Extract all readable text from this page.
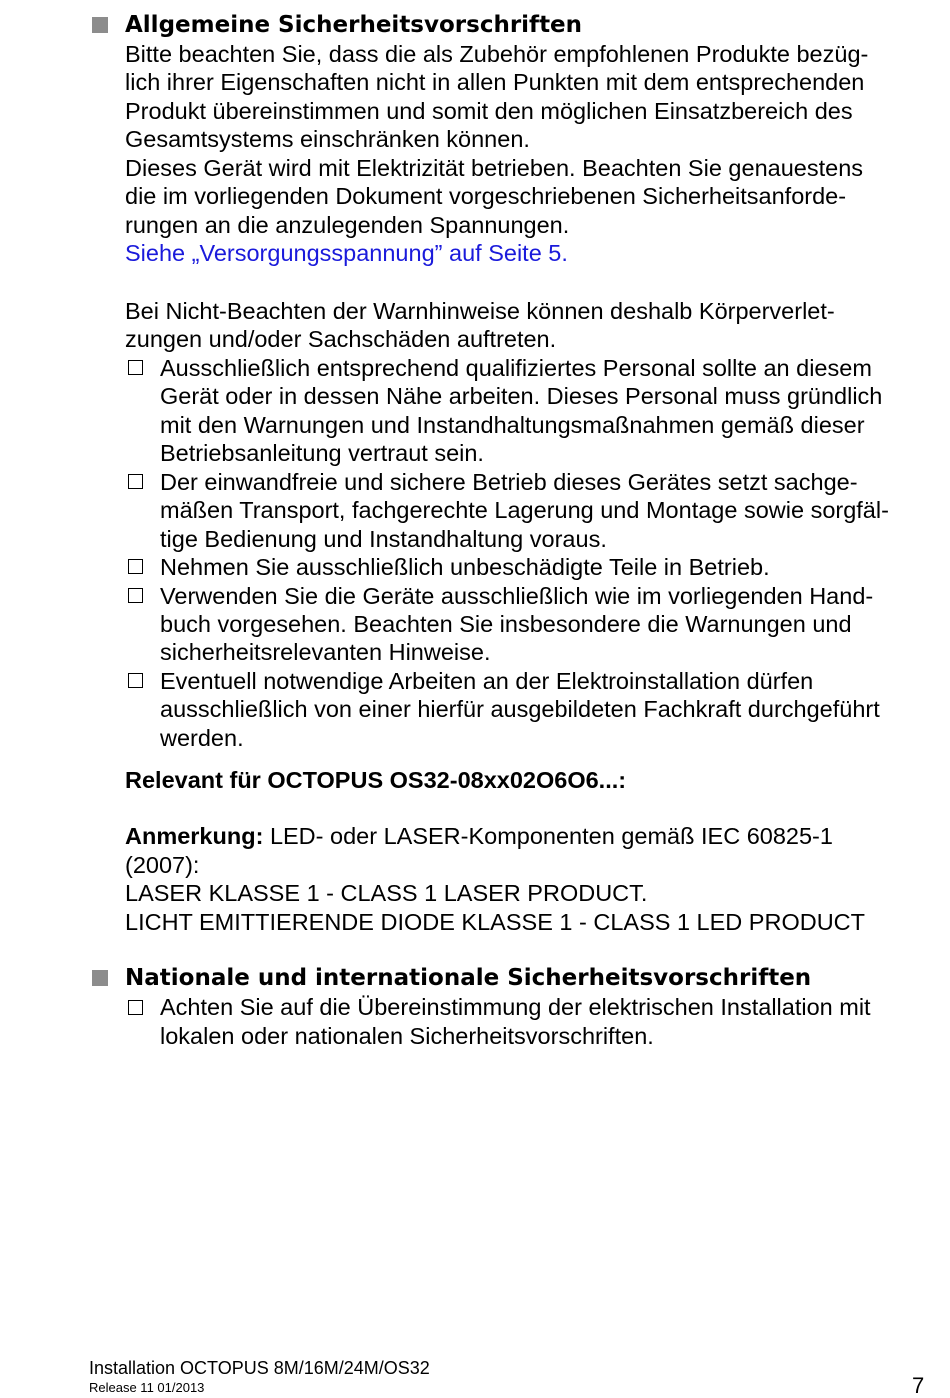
Allgemeine Sicherheitsvorschriften
Bitte beachten Sie, dass die als Zubehör empfohlenen Produkte bezüg-
lich ihrer Eigenschaften nicht in allen Punkten mit dem entsprechenden
Produkt übereinstimmen und somit den möglichen Einsatzbereich des
Gesamtsystems einschränken können.
Dieses Gerät wird mit Elektrizität betrieben. Beachten Sie genauestens
die im vorliegenden Dokument vorgeschriebenen Sicherheitsanforde-
rungen an die anzulegenden Spannungen.
Siehe „Versorgungsspannung” auf Seite 5.
Bei Nicht-Beachten der Warnhinweise können deshalb Körperverlet-
zungen und/oder Sachschäden auftreten.
Ausschließlich entsprechend qualifiziertes Personal sollte an diesem
Gerät oder in dessen Nähe arbeiten. Dieses Personal muss gründlich
mit den Warnungen und Instandhaltungsmaßnahmen gemäß dieser
Betriebsanleitung vertraut sein.
Der einwandfreie und sichere Betrieb dieses Gerätes setzt sachge-
mäßen Transport, fachgerechte Lagerung und Montage sowie sorgfäl-
tige Bedienung und Instandhaltung voraus.
Nehmen Sie ausschließlich unbeschädigte Teile in Betrieb.
Verwenden Sie die Geräte ausschließlich wie im vorliegenden Hand-
buch vorgesehen. Beachten Sie insbesondere die Warnungen und
sicherheitsrelevanten Hinweise.
Eventuell notwendige Arbeiten an der Elektroinstallation dürfen
ausschließlich von einer hierfür ausgebildeten Fachkraft durchgeführt
werden.
Relevant für OCTOPUS OS32-08xx02O6O6...:
Anmerkung: LED- oder LASER-Komponenten gemäß IEC 60825-1
(2007):
LASER KLASSE 1 - CLASS 1 LASER PRODUCT.
LICHT EMITTIERENDE DIODE KLASSE 1 - CLASS 1 LED PRODUCT
Nationale und internationale Sicherheitsvorschriften
Achten Sie auf die Übereinstimmung der elektrischen Installation mit
lokalen oder nationalen Sicherheitsvorschriften.
Installation OCTOPUS 8M/16M/24M/OS32
Release 11 01/2013	7
